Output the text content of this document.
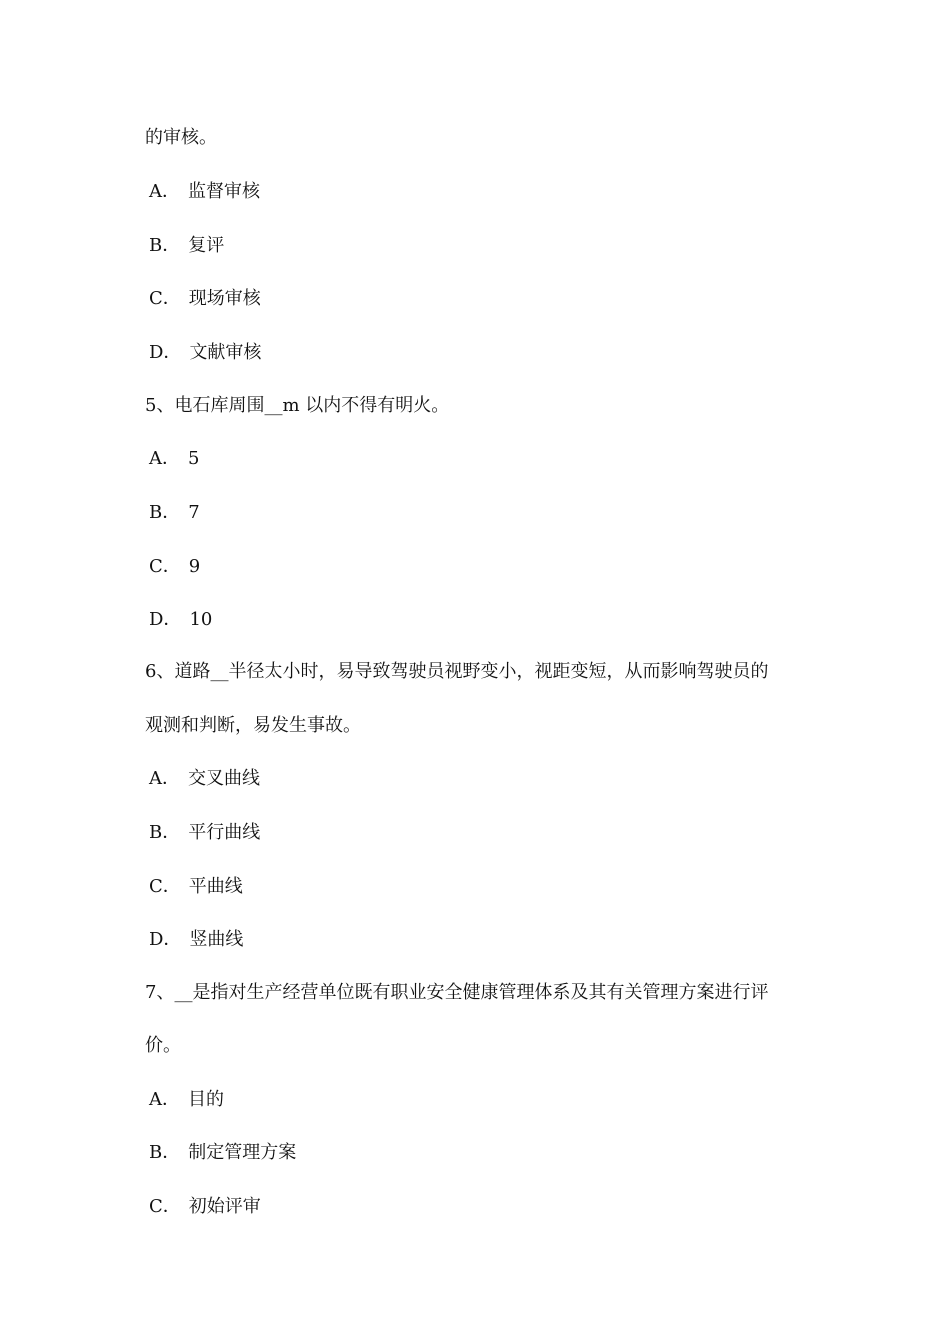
的审核。
A． 监督审核
B． 复评
C． 现场审核
D． 文献审核
5、电石库周围__m 以内不得有明火。
A． 5
B． 7
C． 9
D． 10
6、道路__半径太小时，易导致驾驶员视野变小，视距变短，从而影响驾驶员的
观测和判断，易发生事故。
A． 交叉曲线
B． 平行曲线
C． 平曲线
D． 竖曲线
7、__是指对生产经营单位既有职业安全健康管理体系及其有关管理方案进行评
价。
A． 目的
B． 制定管理方案
C． 初始评审
